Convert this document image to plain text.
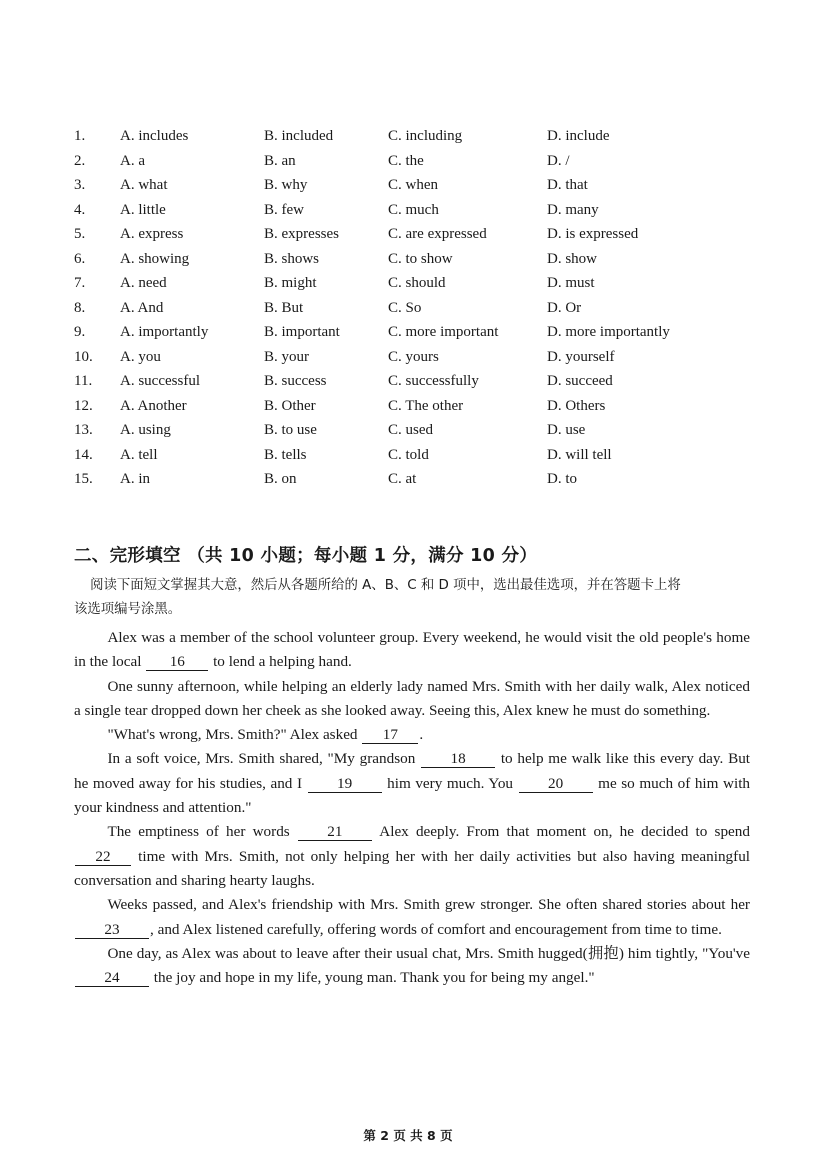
1. A. includes	B. included	C. including	D. include
2. A. a	B. an	C. the	D. /
3. A. what	B. why	C. when	D. that
4. A. little	B. few	C. much	D. many
5. A. express	B. expresses	C. are expressed	D. is expressed
6. A. showing	B. shows	C. to show	D. show
7. A. need	B. might	C. should	D. must
8. A. And	B. But	C. So	D. Or
9. A. importantly	B. important	C. more important	D. more importantly
10. A. you	B. your	C. yours	D. yourself
11. A. successful	B. success	C. successfully	D. succeed
12. A. Another	B. Other	C. The other	D. Others
13. A. using	B. to use	C. used	D. use
14. A. tell	B. tells	C. told	D. will tell
15. A. in	B. on	C. at	D. to
二、完形填空 （共 10 小题；每小题 1 分，满分 10 分）
阅读下面短文掌握其大意，然后从各题所给的 A、B、C 和 D 项中，选出最佳选项，并在答题卡上将
该选项编号涂黑。

Alex was a member of the school volunteer group. Every weekend, he would visit the old people's home in the local 16 to lend a helping hand.

One sunny afternoon, while helping an elderly lady named Mrs. Smith with her daily walk, Alex noticed a single tear dropped down her cheek as she looked away. Seeing this, Alex knew he must do something.

"What's wrong, Mrs. Smith?" Alex asked 17 .

In a soft voice, Mrs. Smith shared, "My grandson 18 to help me walk like this every day. But he moved away for his studies, and I 19 him very much. You 20 me so much of him with your kindness and attention."

The emptiness of her words 21 Alex deeply. From that moment on, he decided to spend 22 time with Mrs. Smith, not only helping her with her daily activities but also having meaningful conversation and sharing hearty laughs.

Weeks passed, and Alex's friendship with Mrs. Smith grew stronger. She often shared stories about her 23 , and Alex listened carefully, offering words of comfort and encouragement from time to time.

One day, as Alex was about to leave after their usual chat, Mrs. Smith hugged(拥抱) him tightly, "You've 24 the joy and hope in my life, young man. Thank you for being my angel."

第 2 页 共 8 页
